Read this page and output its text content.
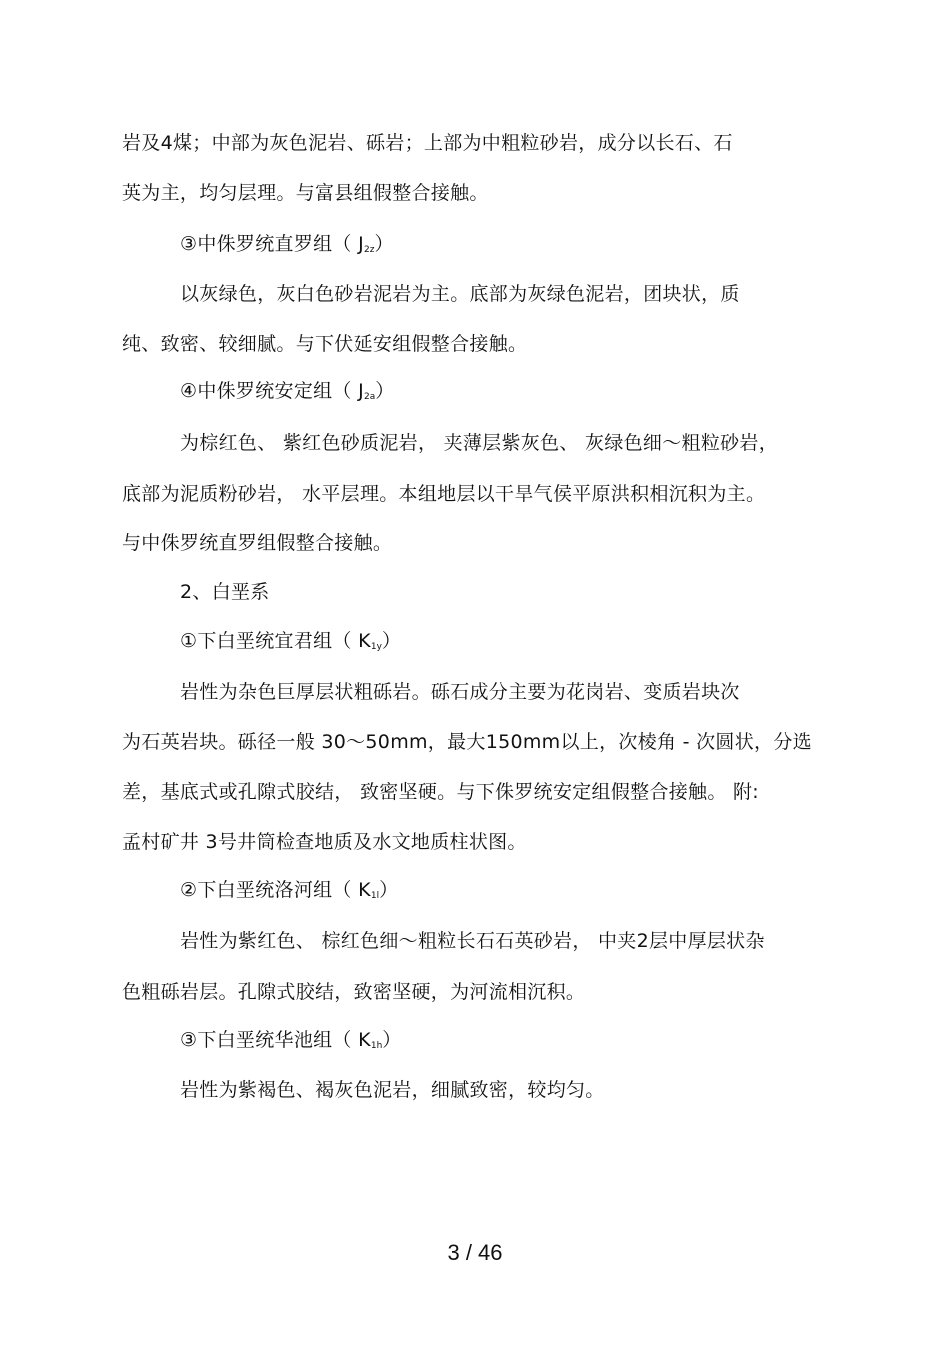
岩及4煤；中部为灰色泥岩、砾岩；上部为中粗粒砂岩，成分以长石、石
英为主，均匀层理。与富县组假整合接触。
③中侏罗统直罗组（ $J_{2z}$）
以灰绿色，灰白色砂岩泥岩为主。底部为灰绿色泥岩，团块状，质
纯、致密、较细腻。与下伏延安组假整合接触。
④中侏罗统安定组（ $J_{2a}$）
为棕红色、 紫红色砂质泥岩， 夹薄层紫灰色、 灰绿色细～粗粒砂岩，
底部为泥质粉砂岩， 水平层理。本组地层以干旱气侯平原洪积相沉积为主。
与中侏罗统直罗组假整合接触。
2、白垩系
①下白垩统宜君组（ $K_{1y}$）
岩性为杂色巨厚层状粗砾岩。砾石成分主要为花岗岩、变质岩块次
为石英岩块。砾径一般 30～50mm，最大150mm以上，次棱角 - 次圆状，分选
差，基底式或孔隙式胶结， 致密坚硬。与下侏罗统安定组假整合接触。 附:
孟村矿井 3号井筒检查地质及水文地质柱状图。
②下白垩统洛河组（ $K_{1l}$）
岩性为紫红色、 棕红色细～粗粒长石石英砂岩， 中夹2层中厚层状杂
色粗砾岩层。孔隙式胶结，致密坚硬，为河流相沉积。
③下白垩统华池组（ $K_{1h}$）
岩性为紫褐色、褐灰色泥岩，细腻致密，较均匀。
3 / 46
